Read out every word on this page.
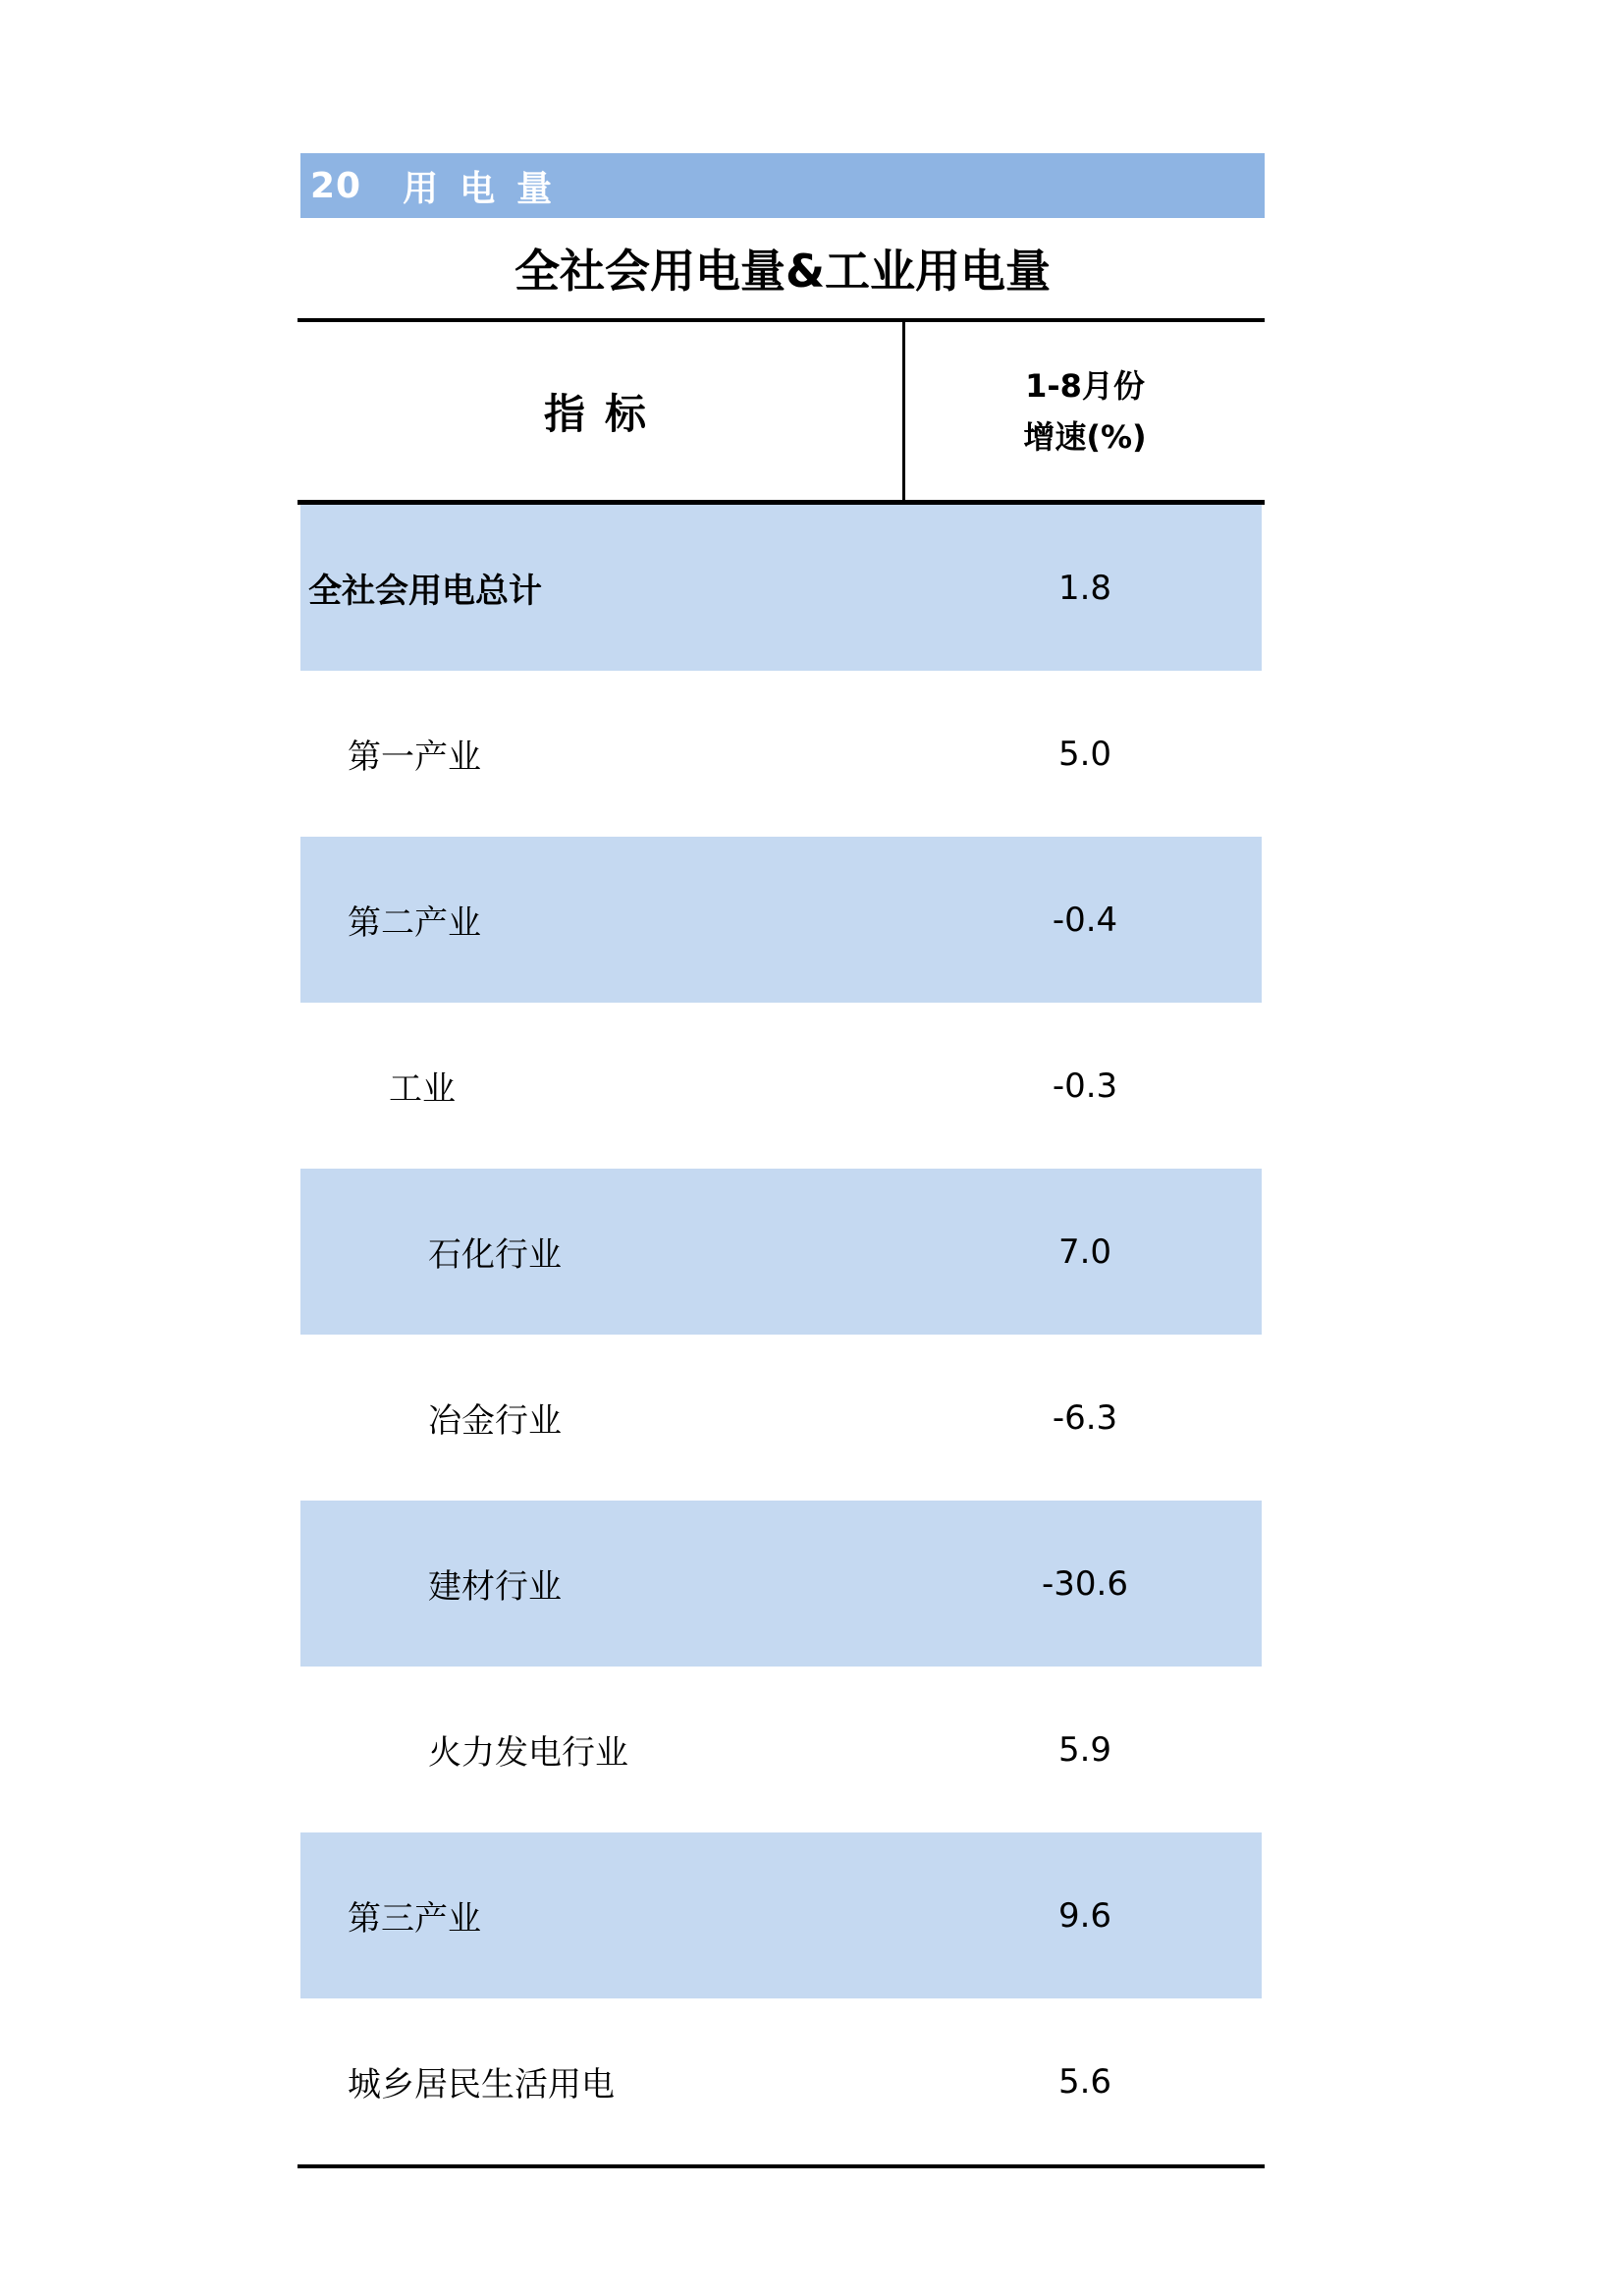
20 用电量
全社会用电量&工业用电量
指标
1-8月份
增速(%)
全社会用电总计	1.8
第一产业	5.0
第二产业	-0.4
工业	-0.3
石化行业	7.0
冶金行业	-6.3
建材行业	-30.6
火力发电行业	5.9
第三产业	9.6
城乡居民生活用电	5.6
